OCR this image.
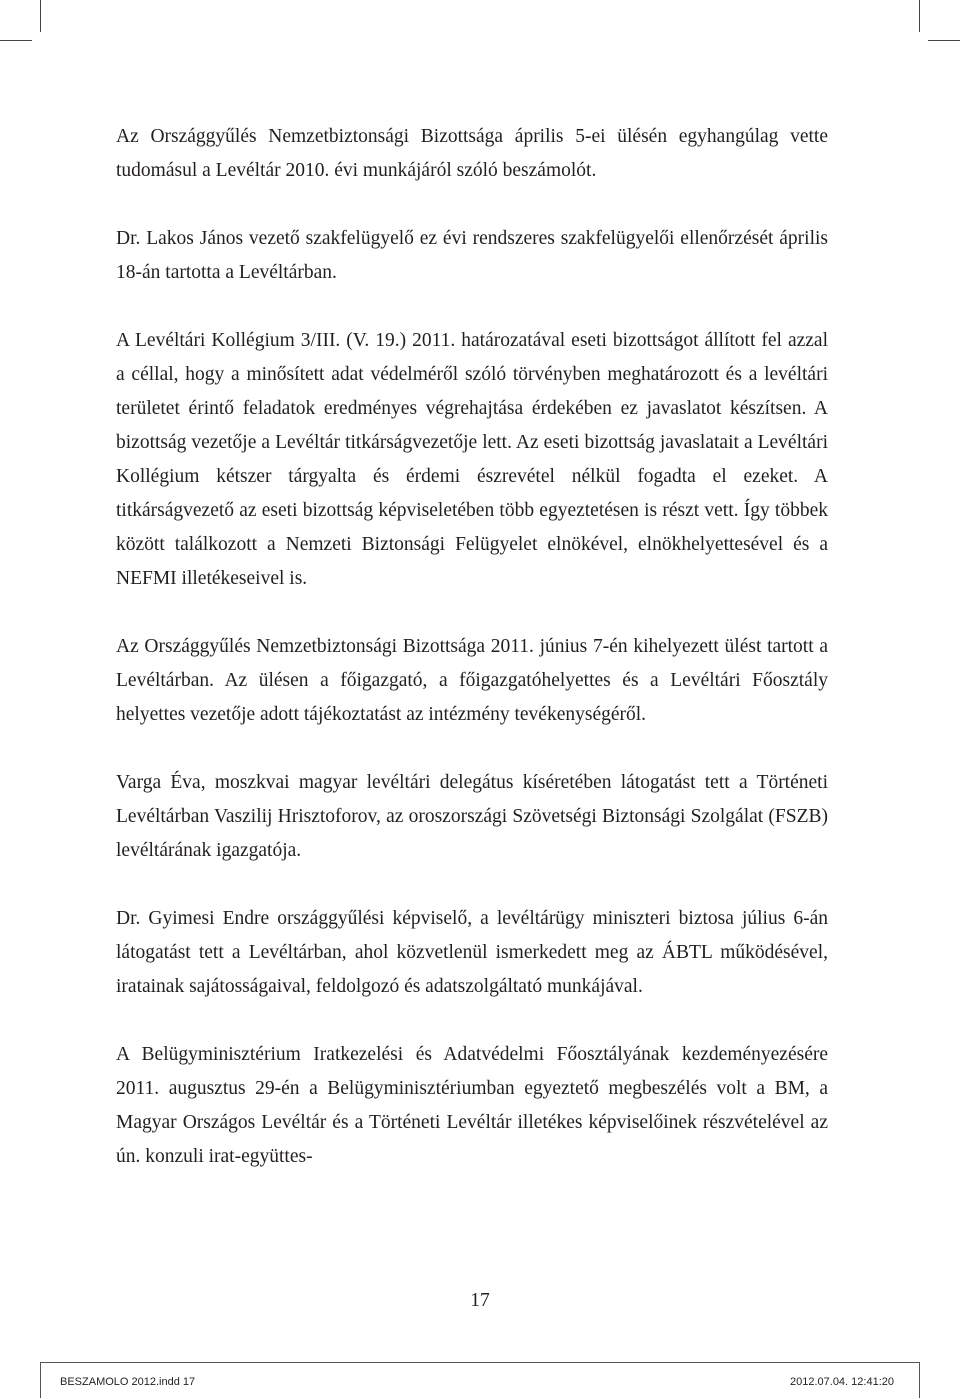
Az Országgyűlés Nemzetbiztonsági Bizottsága április 5-ei ülésén egyhangúlag vette tudomásul a Levéltár 2010. évi munkájáról szóló beszámolót.

Dr. Lakos János vezető szakfelügyelő ez évi rendszeres szakfelügyelői ellenőrzését április 18-án tartotta a Levéltárban.

A Levéltári Kollégium 3/III. (V. 19.) 2011. határozatával eseti bizottságot állított fel azzal a céllal, hogy a minősített adat védelméről szóló törvényben meghatározott és a levéltári területet érintő feladatok eredményes végrehajtása érdekében ez javaslatot készítsen. A bizottság vezetője a Levéltár titkárságvezetője lett. Az eseti bizottság javaslatait a Levéltári Kollégium kétszer tárgyalta és érdemi észrevétel nélkül fogadta el ezeket. A titkárságvezető az eseti bizottság képviseletében több egyeztetésen is részt vett. Így többek között találkozott a Nemzeti Biztonsági Felügyelet elnökével, elnökhelyettesével és a NEFMI illetékeseivel is.

Az Országgyűlés Nemzetbiztonsági Bizottsága 2011. június 7-én kihelyezett ülést tartott a Levéltárban. Az ülésen a főigazgató, a főigazgatóhelyettes és a Levéltári Főosztály helyettes vezetője adott tájékoztatást az intézmény tevékenységéről.

Varga Éva, moszkvai magyar levéltári delegátus kíséretében látogatást tett a Történeti Levéltárban Vaszilij Hrisztoforov, az oroszországi Szövetségi Biztonsági Szolgálat (FSZB) levéltárának igazgatója.

Dr. Gyimesi Endre országgyűlési képviselő, a levéltárügy miniszteri biztosa július 6-án látogatást tett a Levéltárban, ahol közvetlenül ismerkedett meg az ÁBTL működésével, iratainak sajátosságaival, feldolgozó és adatszolgáltató munkájával.

A Belügyminisztérium Iratkezelési és Adatvédelmi Főosztályának kezdeményezésére 2011. augusztus 29-én a Belügyminisztériumban egyeztető megbeszélés volt a BM, a Magyar Országos Levéltár és a Történeti Levéltár illetékes képviselőinek részvételével az ún. konzuli irat-együttes-

17
BESZAMOLO 2012.indd 17	2012.07.04. 12:41:20
